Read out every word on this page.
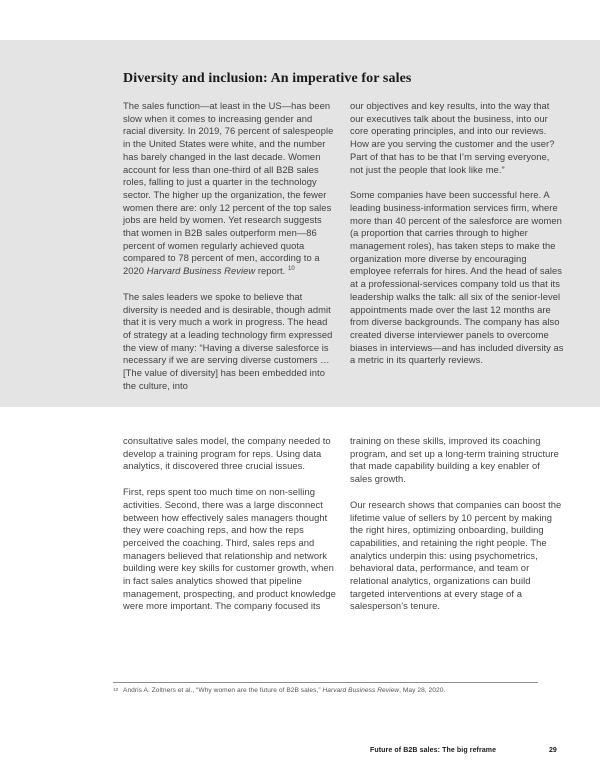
Diversity and inclusion: An imperative for sales

The sales function—at least in the US—has been slow when it comes to increasing gender and racial diversity. In 2019, 76 percent of salespeople in the United States were white, and the number has barely changed in the last decade. Women account for less than one-third of all B2B sales roles, falling to just a quarter in the technology sector. The higher up the organization, the fewer women there are: only 12 percent of the top sales jobs are held by women. Yet research suggests that women in B2B sales outperform men—86 percent of women regularly achieved quota compared to 78 percent of men, according to a 2020 Harvard Business Review report. $^{10}$

The sales leaders we spoke to believe that diversity is needed and is desirable, though admit that it is very much a work in progress. The head of strategy at a leading technology firm expressed the view of many: “Having a diverse salesforce is necessary if we are serving diverse customers … [The value of diversity] has been embedded into the culture, into

our objectives and key results, into the way that our executives talk about the business, into our core operating principles, and into our reviews. How are you serving the customer and the user? Part of that has to be that I’m serving everyone, not just the people that look like me.”

Some companies have been successful here. A leading business-information services firm, where more than 40 percent of the salesforce are women (a proportion that carries through to higher management roles), has taken steps to make the organization more diverse by encouraging employee referrals for hires. And the head of sales at a professional-services company told us that its leadership walks the talk: all six of the senior-level appointments made over the last 12 months are from diverse backgrounds. The company has also created diverse interviewer panels to overcome biases in interviews—and has included diversity as a metric in its quarterly reviews.

consultative sales model, the company needed to develop a training program for reps. Using data analytics, it discovered three crucial issues.

First, reps spent too much time on non-selling activities. Second, there was a large disconnect between how effectively sales managers thought they were coaching reps, and how the reps perceived the coaching. Third, sales reps and managers believed that relationship and network building were key skills for customer growth, when in fact sales analytics showed that pipeline management, prospecting, and product knowledge were more important. The company focused its

training on these skills, improved its coaching program, and set up a long-term training structure that made capability building a key enabler of sales growth.

Our research shows that companies can boost the lifetime value of sellers by 10 percent by making the right hires, optimizing onboarding, building capabilities, and retaining the right people. The analytics underpin this: using psychometrics, behavioral data, performance, and team or relational analytics, organizations can build targeted interventions at every stage of a salesperson’s tenure.

10 Andris A. Zoltners et al., “Why women are the future of B2B sales,” Harvard Business Review, May 28, 2020.
Future of B2B sales: The big reframe	29
